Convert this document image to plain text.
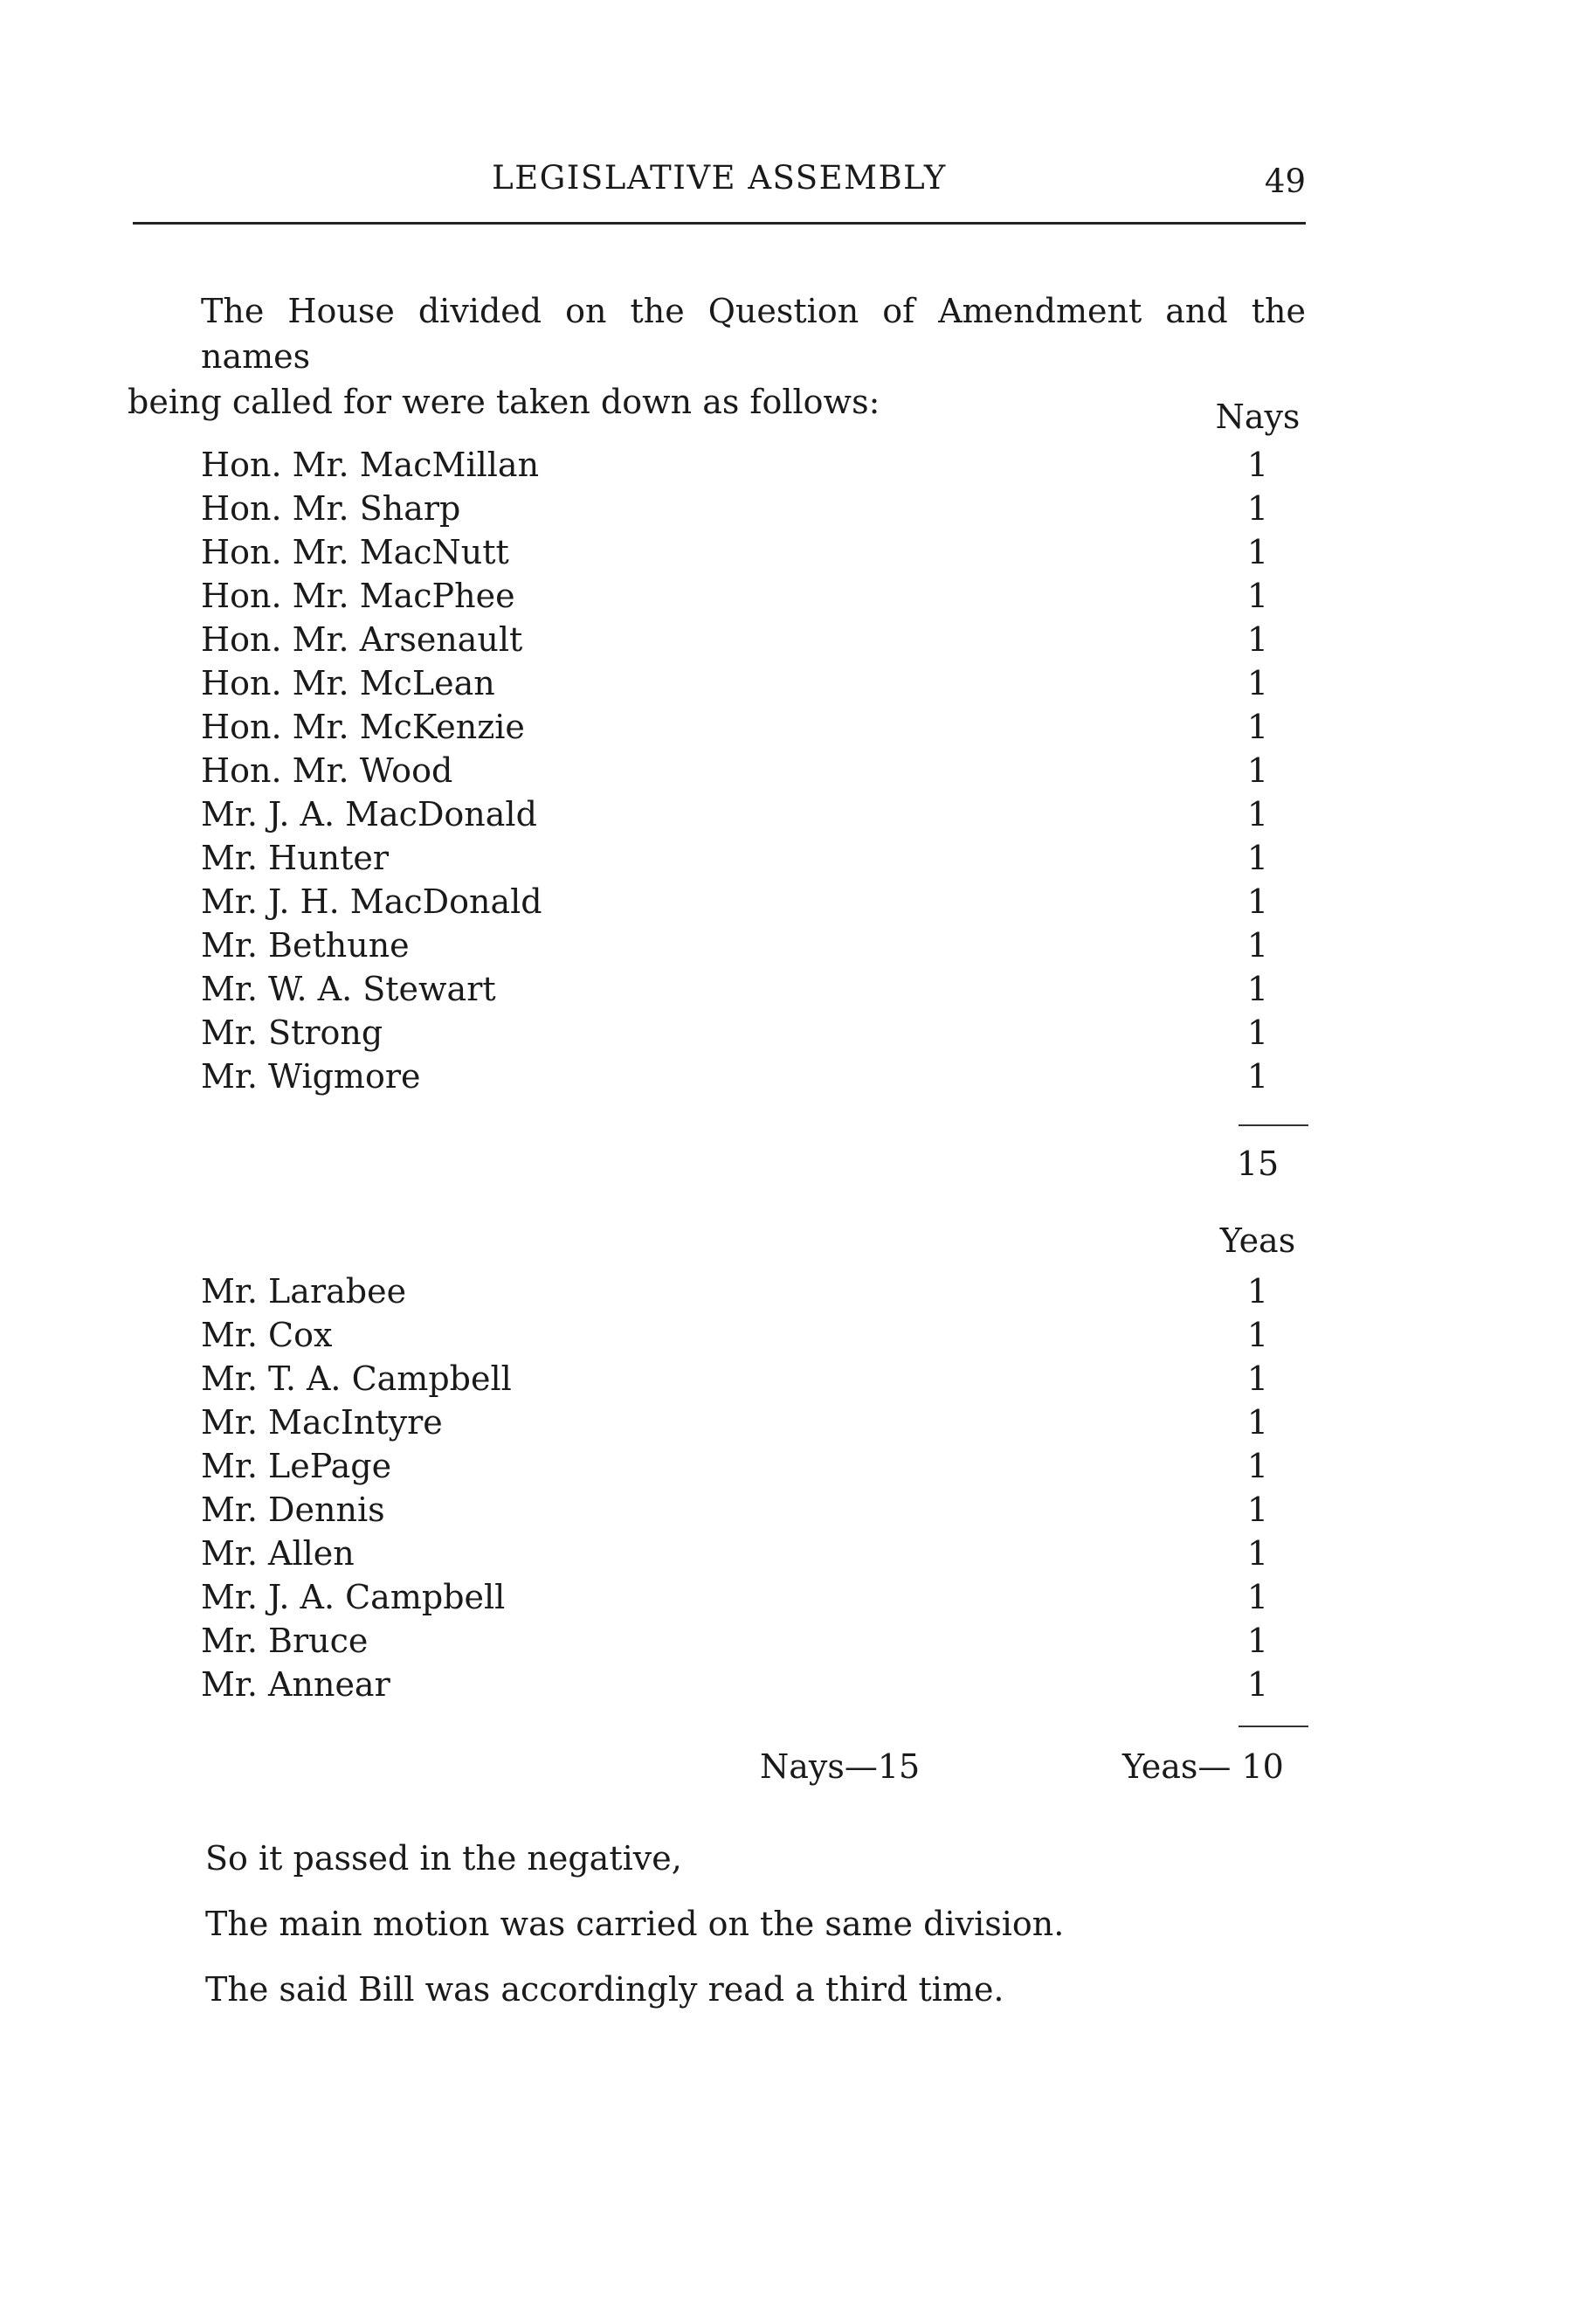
LEGISLATIVE ASSEMBLY	49
The House divided on the Question of Amendment and the names
being called for were taken down as follows:	Nays
Hon. Mr. MacMillan	1
Hon. Mr. Sharp	1
Hon. Mr. MacNutt	1
Hon. Mr. MacPhee	1
Hon. Mr. Arsenault	1
Hon. Mr. McLean	1
Hon. Mr. McKenzie	1
Hon. Mr. Wood	1
Mr. J. A. MacDonald	1
Mr. Hunter	1
Mr. J. H. MacDonald	1
Mr. Bethune	1
Mr. W. A. Stewart	1
Mr. Strong	1
Mr. Wigmore	1
15
Yeas
Mr. Larabee	1
Mr. Cox	1
Mr. T. A. Campbell	1
Mr. MacIntyre	1
Mr. LePage	1
Mr. Dennis	1
Mr. Allen	1
Mr. J. A. Campbell	1
Mr. Bruce	1
Mr. Annear	1
Nays—15	Yeas— 10
So it passed in the negative,
The main motion was carried on the same division.
The said Bill was accordingly read a third time.
